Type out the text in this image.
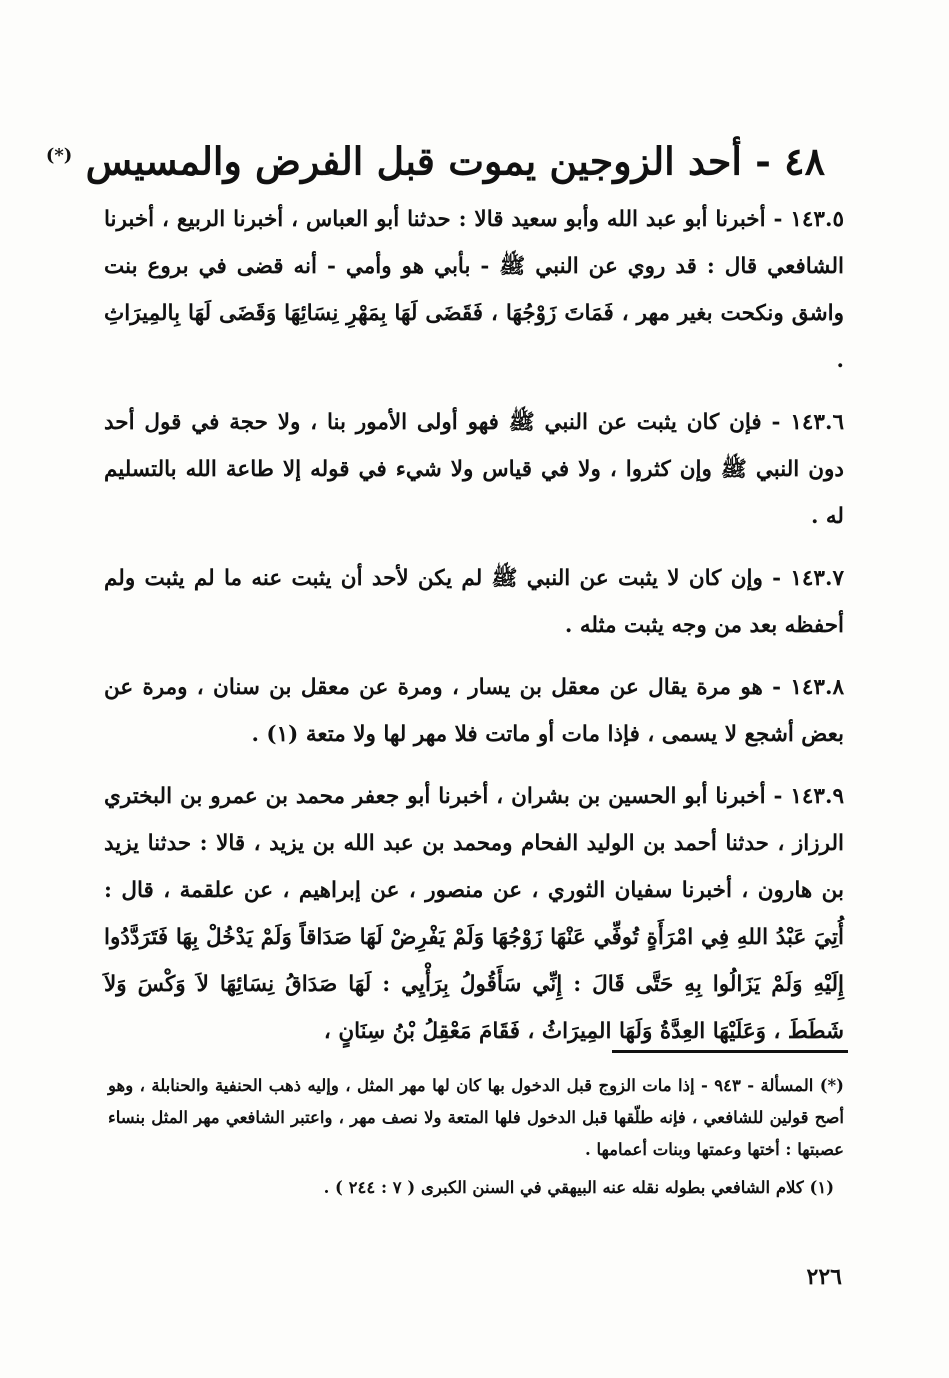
٤٨ - أحد الزوجين يموت قبل الفرض والمسيس (*)

١٤٣.٥ - أخبرنا أبو عبد الله وأبو سعيد قالا : حدثنا أبو العباس ، أخبرنا الربيع ، أخبرنا الشافعي قال : قد روي عن النبي ﷺ - بأبي هو وأمي - أنه قضى في بروع بنت واشق ونكحت بغير مهر ، فَمَاتَ زَوْجُهَا ، فَقَضَى لَهَا بِمَهْرِ نِسَائِهَا وَقَضَى لَهَا بِالمِيرَاثِ .

١٤٣.٦ - فإن كان يثبت عن النبي ﷺ فهو أولى الأمور بنا ، ولا حجة في قول أحد دون النبي ﷺ وإن كثروا ، ولا في قياس ولا شيء في قوله إلا طاعة الله بالتسليم له .

١٤٣.٧ - وإن كان لا يثبت عن النبي ﷺ لم يكن لأحد أن يثبت عنه ما لم يثبت ولم أحفظه بعد من وجه يثبت مثله .

١٤٣.٨ - هو مرة يقال عن معقل بن يسار ، ومرة عن معقل بن سنان ، ومرة عن بعض أشجع لا يسمى ، فإذا مات أو ماتت فلا مهر لها ولا متعة (١) .

١٤٣.٩ - أخبرنا أبو الحسين بن بشران ، أخبرنا أبو جعفر محمد بن عمرو بن البختري الرزاز ، حدثنا أحمد بن الوليد الفحام ومحمد بن عبد الله بن يزيد ، قالا : حدثنا يزيد بن هارون ، أخبرنا سفيان الثوري ، عن منصور ، عن إبراهيم ، عن علقمة ، قال : أُتِيَ عَبْدُ اللهِ فِي امْرَأَةٍ تُوفِّي عَنْهَا زَوْجُهَا وَلَمْ يَفْرِضْ لَهَا صَدَاقاً وَلَمْ يَدْخُلْ بِهَا فَتَرَدَّدُوا إِلَيْهِ وَلَمْ يَزَالُوا بِهِ حَتَّى قَالَ : إِنِّي سَأَقُولُ بِرَأْيِي : لَهَا صَدَاقُ نِسَائِهَا لاَ وَكْسَ وَلاَ شَطَطَ ، وَعَلَيْهَا العِدَّةُ وَلَهَا المِيرَاثُ ، فَقَامَ مَعْقِلُ بْنُ سِنَانٍ ،

(*) المسألة - ٩٤٣ - إذا مات الزوج قبل الدخول بها كان لها مهر المثل ، وإليه ذهب الحنفية والحنابلة ، وهو أصح قولين للشافعي ، فإنه طلّقها قبل الدخول فلها المتعة ولا نصف مهر ، واعتبر الشافعي مهر المثل بنساء عصبتها : أختها وعمتها وبنات أعمامها .

(١) كلام الشافعي بطوله نقله عنه البيهقي في السنن الكبرى ( ٧ : ٢٤٤ ) .

٢٢٦
